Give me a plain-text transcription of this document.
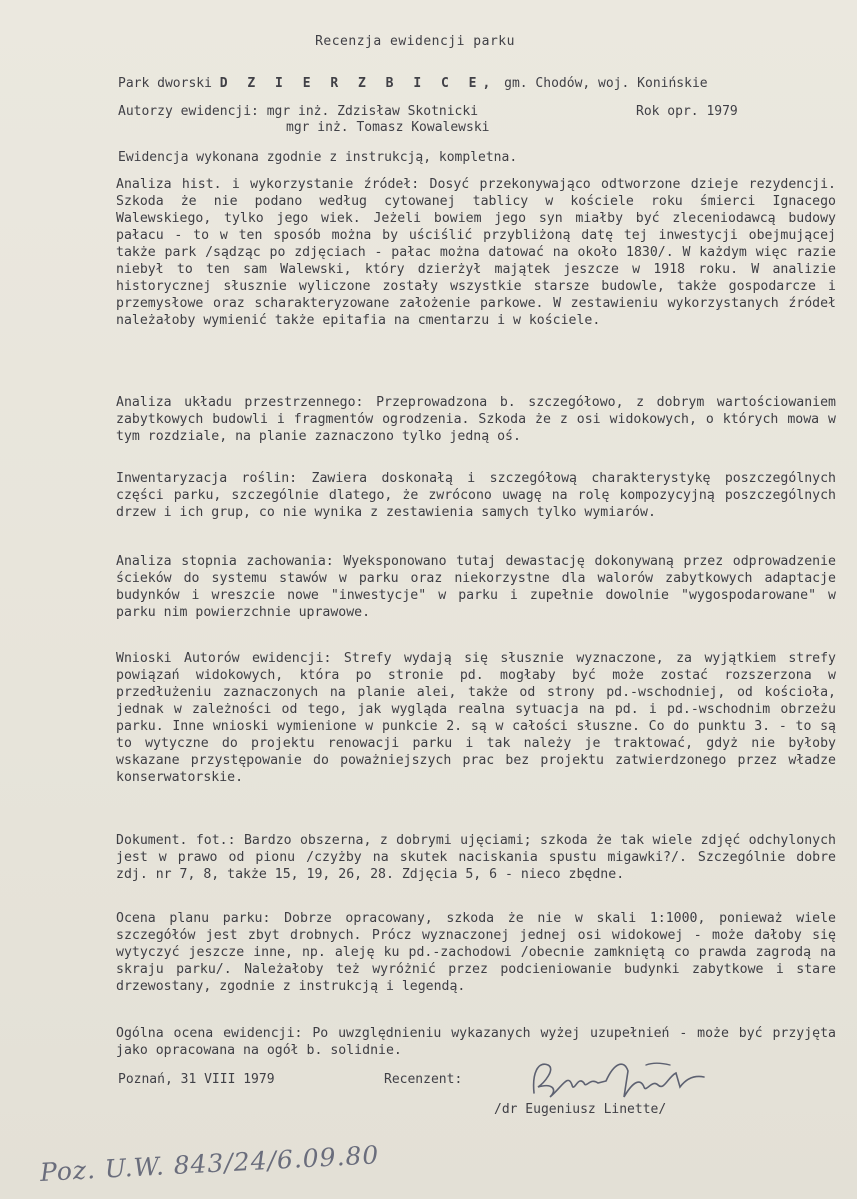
Recenzja ewidencji parku
Park dworski D Z I E R Z B I C E, gm. Chodów, woj. Konińskie
Autorzy ewidencji: mgr inż. Zdzisław Skotnicki	Rok opr. 1979
mgr inż. Tomasz Kowalewski
Ewidencja wykonana zgodnie z instrukcją, kompletna.
Analiza hist. i wykorzystanie źródeł: Dosyć przekonywająco odtworzone dzieje rezydencji. Szkoda że nie podano według cytowanej tablicy w kościele roku śmierci Ignacego Walewskiego, tylko jego wiek. Jeżeli bowiem jego syn miałby być zleceniodawcą budowy pałacu - to w ten sposób można by uściślić przybliżoną datę tej inwestycji obejmującej także park /sądząc po zdjęciach - pałac można datować na około 1830/. W każdym więc razie niebył to ten sam Walewski, który dzierżył majątek jeszcze w 1918 roku. W analizie historycznej słusznie wyliczone zostały wszystkie starsze budowle, także gospodarcze i przemysłowe oraz scharakteryzowane założenie parkowe. W zestawieniu wykorzystanych źródeł należałoby wymienić także epitafia na cmentarzu i w kościele.
Analiza układu przestrzennego: Przeprowadzona b. szczegółowo, z dobrym wartościowaniem zabytkowych budowli i fragmentów ogrodzenia. Szkoda że z osi widokowych, o których mowa w tym rozdziale, na planie zaznaczono tylko jedną oś.
Inwentaryzacja roślin: Zawiera doskonałą i szczegółową charakterystykę poszczególnych części parku, szczególnie dlatego, że zwrócono uwagę na rolę kompozycyjną poszczególnych drzew i ich grup, co nie wynika z zestawienia samych tylko wymiarów.
Analiza stopnia zachowania: Wyeksponowano tutaj dewastację dokonywaną przez odprowadzenie ścieków do systemu stawów w parku oraz niekorzystne dla walorów zabytkowych adaptacje budynków i wreszcie nowe "inwestycje" w parku i zupełnie dowolnie "wygospodarowane" w parku nim powierzchnie uprawowe.
Wnioski Autorów ewidencji: Strefy wydają się słusznie wyznaczone, za wyjątkiem strefy powiązań widokowych, która po stronie pd. mogłaby być może zostać rozszerzona w przedłużeniu zaznaczonych na planie alei, także od strony pd.-wschodniej, od kościoła, jednak w zależności od tego, jak wygląda realna sytuacja na pd. i pd.-wschodnim obrzeżu parku. Inne wnioski wymienione w punkcie 2. są w całości słuszne. Co do punktu 3. - to są to wytyczne do projektu renowacji parku i tak należy je traktować, gdyż nie byłoby wskazane przystępowanie do poważniejszych prac bez projektu zatwierdzonego przez władze konserwatorskie.
Dokument. fot.: Bardzo obszerna, z dobrymi ujęciami; szkoda że tak wiele zdjęć odchylonych jest w prawo od pionu /czyżby na skutek naciskania spustu migawki?/. Szczególnie dobre zdj. nr 7, 8, także 15, 19, 26, 28. Zdjęcia 5, 6 - nieco zbędne.
Ocena planu parku: Dobrze opracowany, szkoda że nie w skali 1:1000, ponieważ wiele szczegółów jest zbyt drobnych. Prócz wyznaczonej jednej osi widokowej - może dałoby się wytyczyć jeszcze inne, np. aleję ku pd.-zachodowi /obecnie zamkniętą co prawda zagrodą na skraju parku/. Należałoby też wyróżnić przez podcieniowanie budynki zabytkowe i stare drzewostany, zgodnie z instrukcją i legendą.
Ogólna ocena ewidencji: Po uwzględnieniu wykazanych wyżej uzupełnień - może być przyjęta jako opracowana na ogół b. solidnie.
Poznań, 31 VIII 1979	Recenzent:
/dr Eugeniusz Linette/
Poz. U.W. 843/24/6.09.80
